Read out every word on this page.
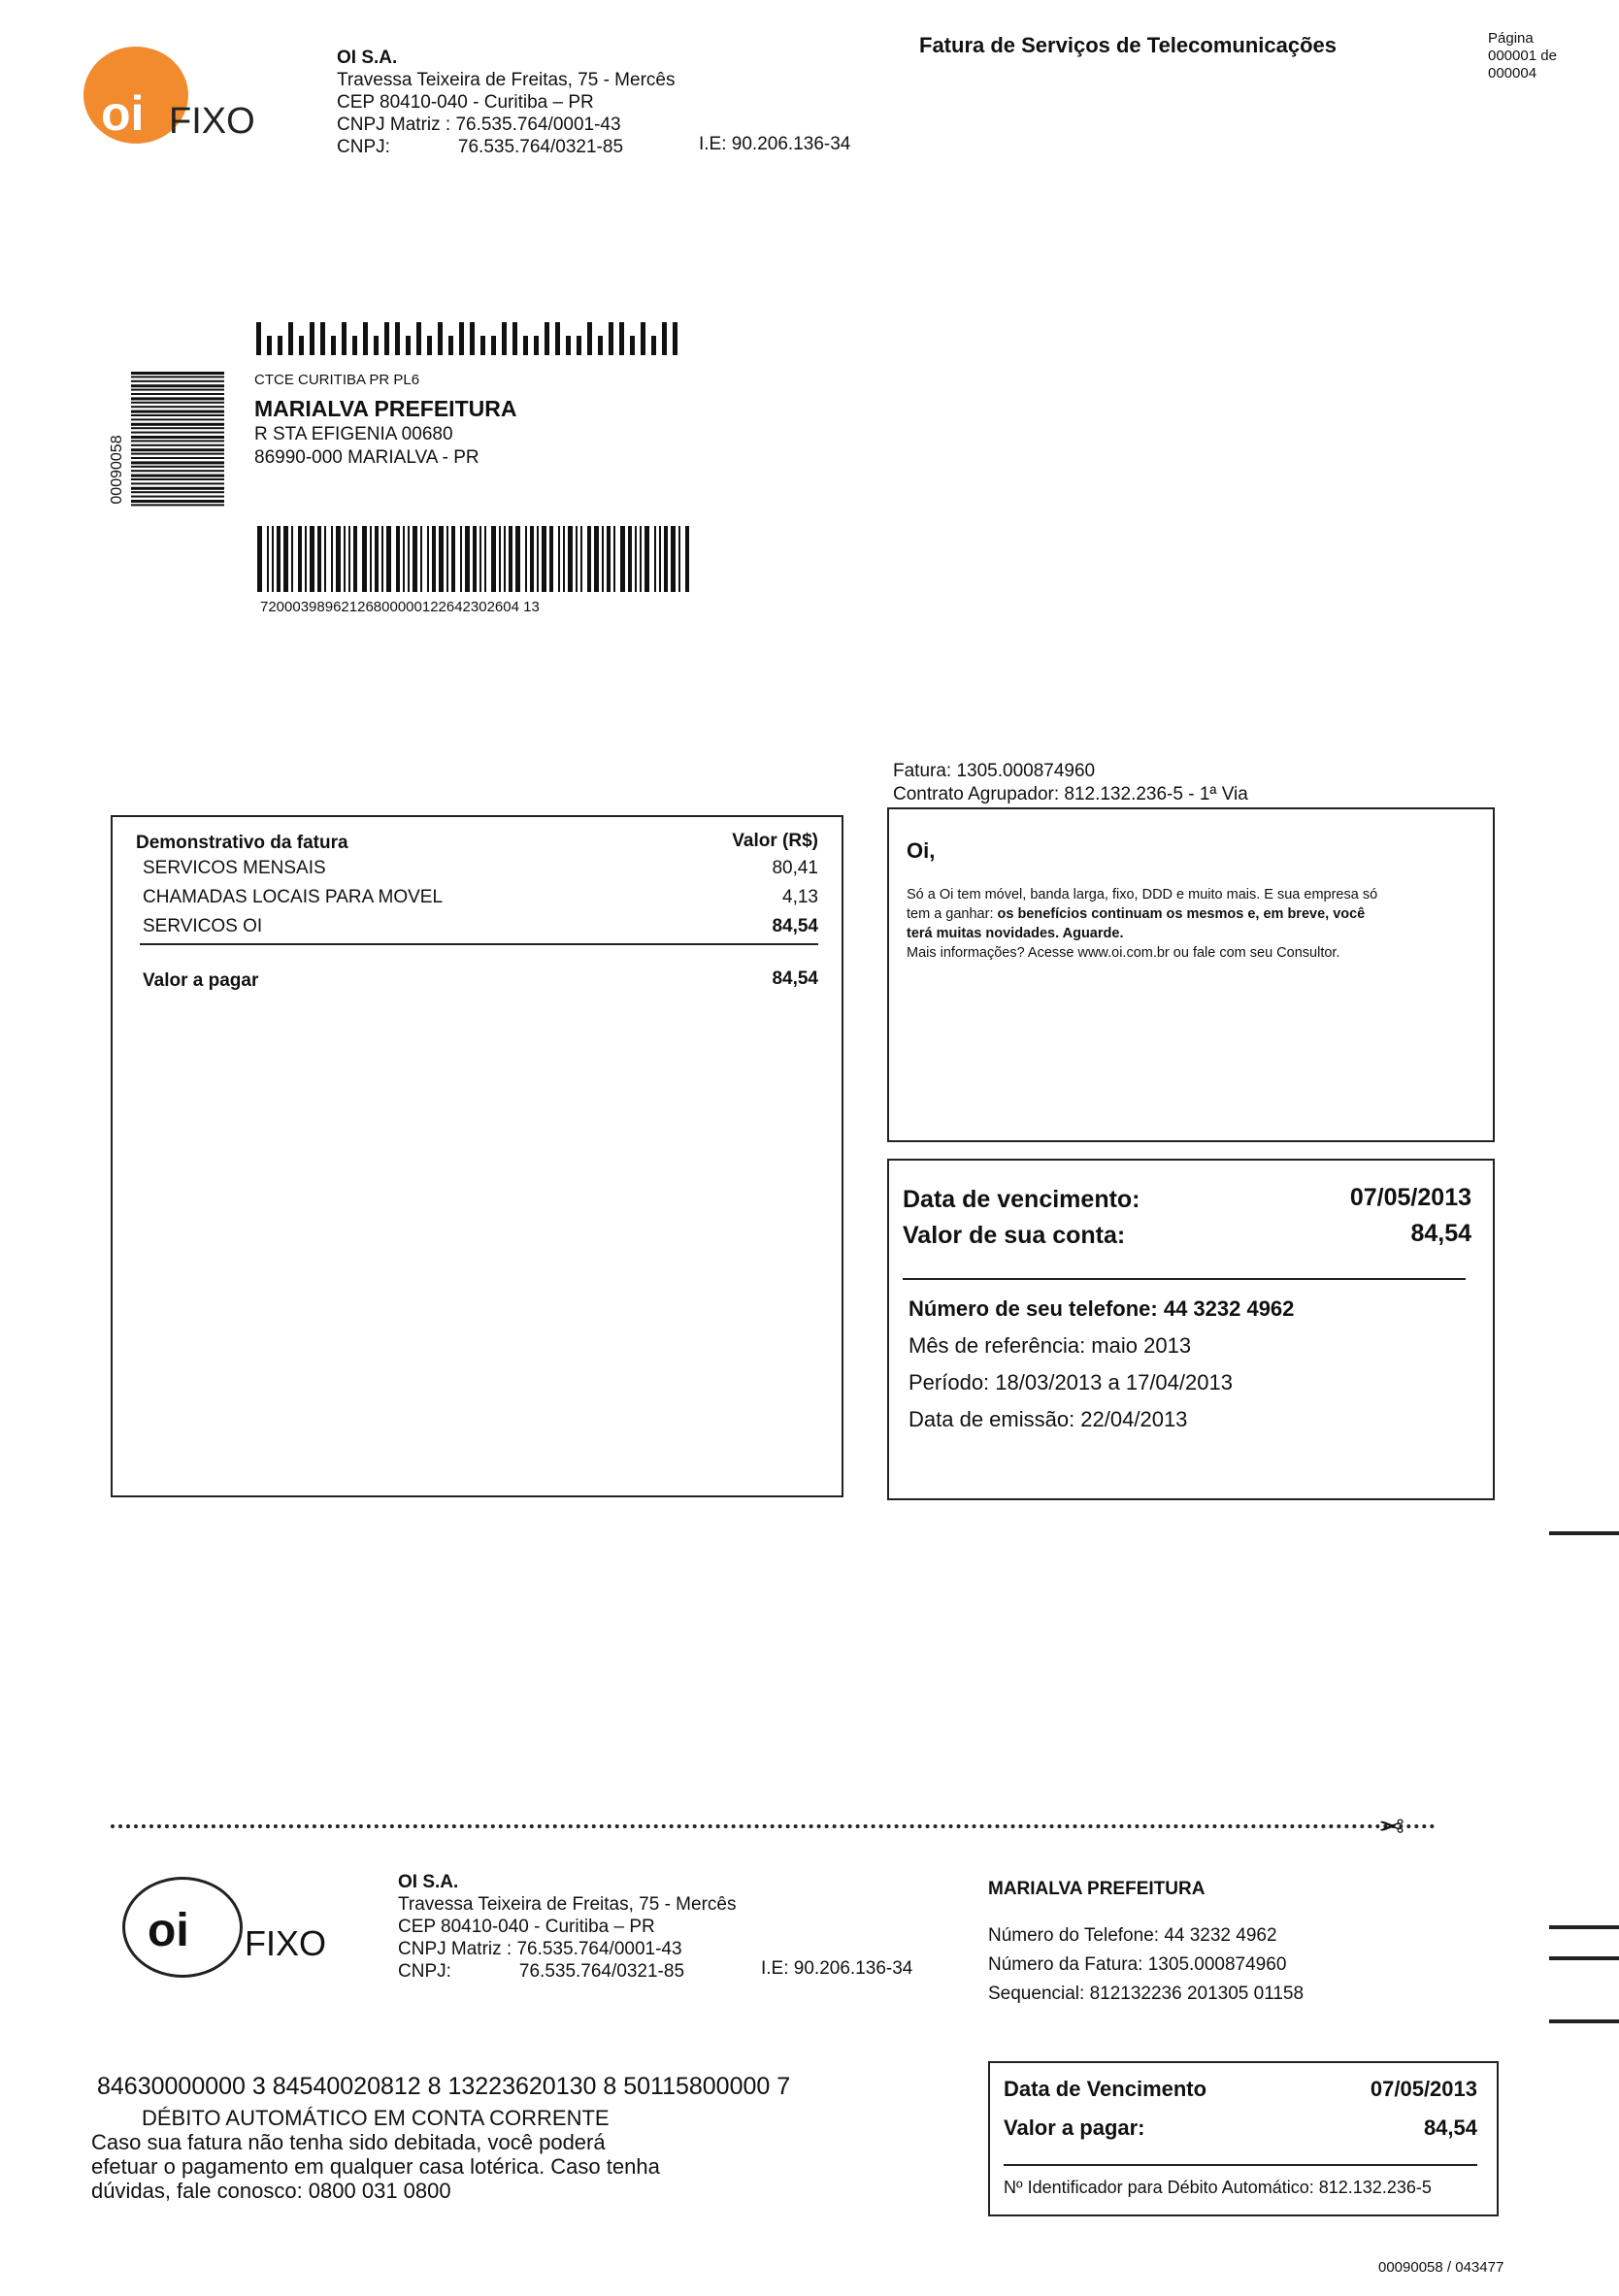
oi FIXO
OI S.A.
Travessa Teixeira de Freitas, 75 - Mercês
CEP 80410-040 - Curitiba – PR
CNPJ Matriz : 76.535.764/0001-43
CNPJ:	76.535.764/0321-85	I.E: 90.206.136-34
Fatura de Serviços de Telecomunicações	Página
000001 de
000004
00090058
CTCE CURITIBA PR PL6
MARIALVA PREFEITURA
R STA EFIGENIA 00680
86990-000 MARIALVA - PR
72000398962126800000122642302604 13
Fatura: 1305.000874960
Contrato Agrupador: 812.132.236-5 - 1ª Via
Demonstrativo da fatura	Valor (R$)
SERVICOS MENSAIS	80,41
CHAMADAS LOCAIS PARA MOVEL	4,13
SERVICOS OI	84,54
Valor a pagar	84,54
Oi,
Só a Oi tem móvel, banda larga, fixo, DDD e muito mais. E sua empresa só
tem a ganhar: os benefícios continuam os mesmos e, em breve, você
terá muitas novidades. Aguarde.
Mais informações? Acesse www.oi.com.br ou fale com seu Consultor.
Data de vencimento:	07/05/2013
Valor de sua conta:	84,54
Número de seu telefone: 44 3232 4962
Mês de referência: maio 2013
Período: 18/03/2013 a 17/04/2013
Data de emissão: 22/04/2013
✂
oi FIXO
OI S.A.
Travessa Teixeira de Freitas, 75 - Mercês
CEP 80410-040 - Curitiba – PR
CNPJ Matriz : 76.535.764/0001-43
CNPJ:	76.535.764/0321-85	I.E: 90.206.136-34
MARIALVA PREFEITURA
Número do Telefone: 44 3232 4962
Número da Fatura: 1305.000874960
Sequencial: 812132236 201305 01158
84630000000 3 84540020812 8 13223620130 8 50115800000 7
DÉBITO AUTOMÁTICO EM CONTA CORRENTE
Caso sua fatura não tenha sido debitada, você poderá
efetuar o pagamento em qualquer casa lotérica. Caso tenha
dúvidas, fale conosco: 0800 031 0800
Data de Vencimento	07/05/2013
Valor a pagar:	84,54
Nº Identificador para Débito Automático: 812.132.236-5
00090058 / 043477
